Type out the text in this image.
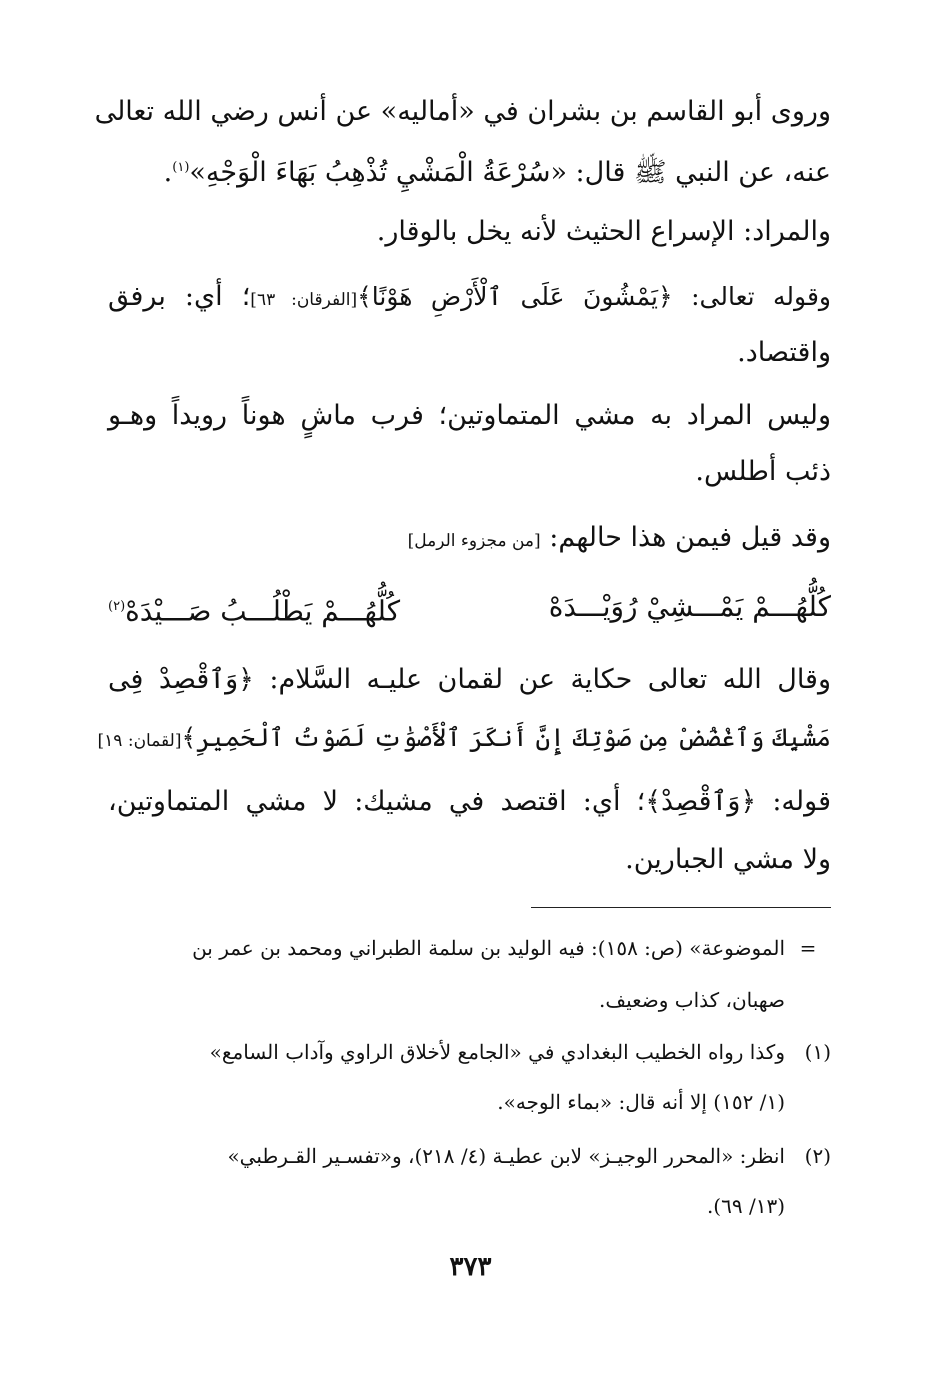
وروى أبو القاسم بن بشران في «أماليه» عن أنس رضي الله تعالى
عنه، عن النبي ﷺ قال: «سُرْعَةُ الْمَشْيِ تُذْهِبُ بَهَاءَ الْوَجْهِ»$^{(١)}$.
والمراد: الإسراع الحثيث لأنه يخل بالوقار.
وقوله تعالى: ﴿يَمْشُونَ عَلَى ٱلْأَرْضِ هَوْنًا﴾[الفرقان: ٦٣]؛ أي: برفق
واقتصاد.
وليس المراد به مشي المتماوتين؛ فرب ماشٍ هوناً رويداً وهـو
ذئب أطلس.
وقد قيل فيمن هذا حالهم: [من مجزوء الرمل]
كُلُّهُـــمْ يَمْـــشِيْ رُوَيْـــدَهْ
كُلُّهُـــمْ يَطْلُـــبُ صَـــيْدَهْ$^{(٢)}$
وقال الله تعالى حكاية عن لقمان عليـه السَّلام: ﴿وَٱقْصِدْ فِى
مَشْيِكَ وَٱغْضُضْ مِن صَوْتِكَ إِنَّ أَنكَرَ ٱلْأَصْوَٰتِ لَصَوْتُ ٱلْحَمِيرِ﴾[لقمان: ١٩]
قوله: ﴿وَٱقْصِدْ﴾؛ أي: اقتصد في مشيك: لا مشي المتماوتين،
ولا مشي الجبارين.
=الموضوعة» (ص: ١٥٨): فيه الوليد بن سلمة الطبراني ومحمد بن عمر بن
صهبان، كذاب وضعيف.
(١)وكذا رواه الخطيب البغدادي في «الجامع لأخلاق الراوي وآداب السامع»
(١/ ١٥٢) إلا أنه قال: «بماء الوجه».
(٢)انظر: «المحرر الوجيـز» لابن عطيـة (٤/ ٢١٨)، و«تفسـير القـرطبي»
(١٣/ ٦٩).
٣٧٣
